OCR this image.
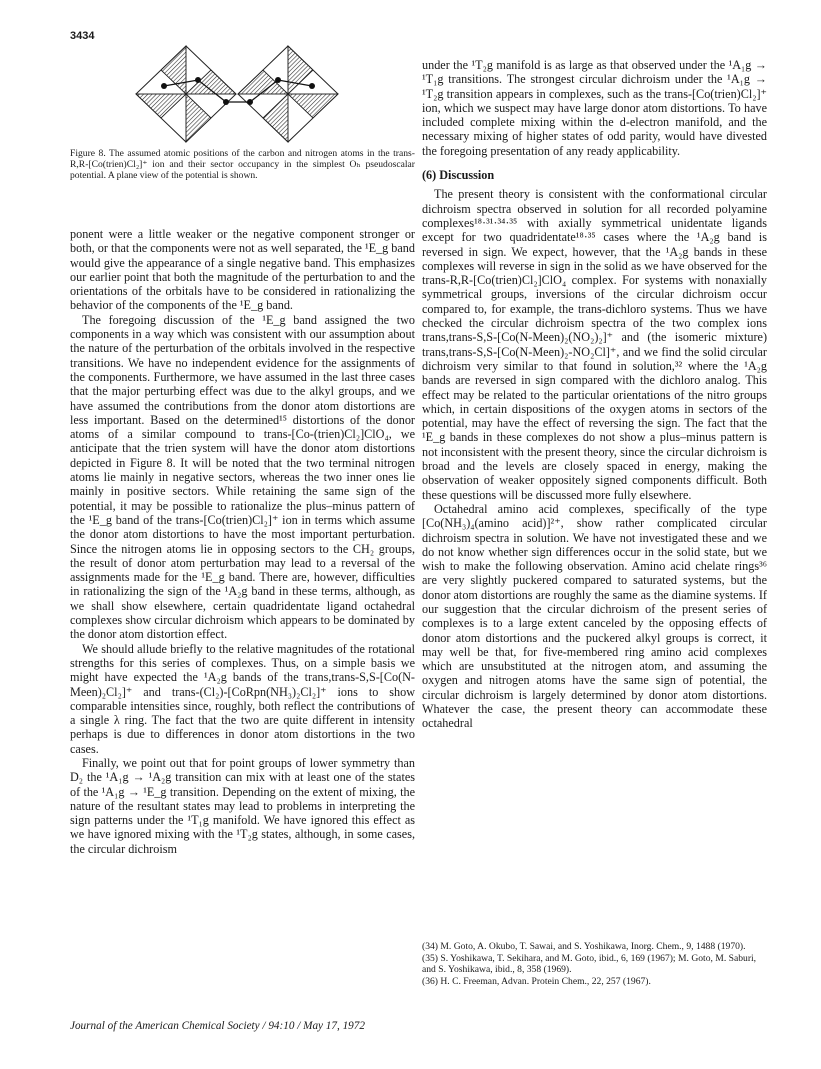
3434
Figure 8. The assumed atomic positions of the carbon and nitrogen atoms in the trans-R,R-[Co(trien)Cl₂]⁺ ion and their sector occupancy in the simplest Oₕ pseudoscalar potential. A plane view of the potential is shown.

ponent were a little weaker or the negative component stronger or both, or that the components were not as well separated, the ¹E_g band would give the appearance of a single negative band. This emphasizes our earlier point that both the magnitude of the perturbation to and the orientations of the orbitals have to be considered in rationalizing the behavior of the components of the ¹E_g band.

The foregoing discussion of the ¹E_g band assigned the two components in a way which was consistent with our assumption about the nature of the perturbation of the orbitals involved in the respective transitions. We have no independent evidence for the assignments of the components. Furthermore, we have assumed in the last three cases that the major perturbing effect was due to the alkyl groups, and we have assumed the contributions from the donor atom distortions are less important. Based on the determined¹⁵ distortions of the donor atoms of a similar compound to trans-[Co-(trien)Cl₂]ClO₄, we anticipate that the trien system will have the donor atom distortions depicted in Figure 8. It will be noted that the two terminal nitrogen atoms lie mainly in negative sectors, whereas the two inner ones lie mainly in positive sectors. While retaining the same sign of the potential, it may be possible to rationalize the plus–minus pattern of the ¹E_g band of the trans-[Co(trien)Cl₂]⁺ ion in terms which assume the donor atom distortions to have the most important perturbation. Since the nitrogen atoms lie in opposing sectors to the CH₂ groups, the result of donor atom perturbation may lead to a reversal of the assignments made for the ¹E_g band. There are, however, difficulties in rationalizing the sign of the ¹A₂g band in these terms, although, as we shall show elsewhere, certain quadridentate ligand octahedral complexes show circular dichroism which appears to be dominated by the donor atom distortion effect.

We should allude briefly to the relative magnitudes of the rotational strengths for this series of complexes. Thus, on a simple basis we might have expected the ¹A₂g bands of the trans,trans-S,S-[Co(N-Meen)₂Cl₂]⁺ and trans-(Cl₂)-[CoRpn(NH₃)₂Cl₂]⁺ ions to show comparable intensities since, roughly, both reflect the contributions of a single λ ring. The fact that the two are quite different in intensity perhaps is due to differences in donor atom distortions in the two cases.

Finally, we point out that for point groups of lower symmetry than D₂ the ¹A₁g → ¹A₂g transition can mix with at least one of the states of the ¹A₁g → ¹E_g transition. Depending on the extent of mixing, the nature of the resultant states may lead to problems in interpreting the sign patterns under the ¹T₁g manifold. We have ignored this effect as we have ignored mixing with the ¹T₂g states, although, in some cases, the circular dichroism

under the ¹T₂g manifold is as large as that observed under the ¹A₁g → ¹T₁g transitions. The strongest circular dichroism under the ¹A₁g → ¹T₂g transition appears in complexes, such as the trans-[Co(trien)Cl₂]⁺ ion, which we suspect may have large donor atom distortions. To have included complete mixing within the d-electron manifold, and the necessary mixing of higher states of odd parity, would have divested the foregoing presentation of any ready applicability.

(6) Discussion

The present theory is consistent with the conformational circular dichroism spectra observed in solution for all recorded polyamine complexes¹⁸·³¹·³⁴·³⁵ with axially symmetrical unidentate ligands except for two quadridentate¹⁸·³⁵ cases where the ¹A₂g band is reversed in sign. We expect, however, that the ¹A₂g bands in these complexes will reverse in sign in the solid as we have observed for the trans-R,R-[Co(trien)Cl₂]ClO₄ complex. For systems with nonaxially symmetrical groups, inversions of the circular dichroism occur compared to, for example, the trans-dichloro systems. Thus we have checked the circular dichroism spectra of the two complex ions trans,trans-S,S-[Co(N-Meen)₂(NO₂)₂]⁺ and (the isomeric mixture) trans,trans-S,S-[Co(N-Meen)₂-NO₂Cl]⁺, and we find the solid circular dichroism very similar to that found in solution,³² where the ¹A₂g bands are reversed in sign compared with the dichloro analog. This effect may be related to the particular orientations of the nitro groups which, in certain dispositions of the oxygen atoms in sectors of the potential, may have the effect of reversing the sign. The fact that the ¹E_g bands in these complexes do not show a plus–minus pattern is not inconsistent with the present theory, since the circular dichroism is broad and the levels are closely spaced in energy, making the observation of weaker oppositely signed components difficult. Both these questions will be discussed more fully elsewhere.

Octahedral amino acid complexes, specifically of the type [Co(NH₃)₄(amino acid)]²⁺, show rather complicated circular dichroism spectra in solution. We have not investigated these and we do not know whether sign differences occur in the solid state, but we wish to make the following observation. Amino acid chelate rings³⁶ are very slightly puckered compared to saturated systems, but the donor atom distortions are roughly the same as the diamine systems. If our suggestion that the circular dichroism of the present series of complexes is to a large extent canceled by the opposing effects of donor atom distortions and the puckered alkyl groups is correct, it may well be that, for five-membered ring amino acid complexes which are unsubstituted at the nitrogen atom, and assuming the oxygen and nitrogen atoms have the same sign of potential, the circular dichroism is largely determined by donor atom distortions. Whatever the case, the present theory can accommodate these octahedral

(34) M. Goto, A. Okubo, T. Sawai, and S. Yoshikawa, Inorg. Chem., 9, 1488 (1970).

(35) S. Yoshikawa, T. Sekihara, and M. Goto, ibid., 6, 169 (1967); M. Goto, M. Saburi, and S. Yoshikawa, ibid., 8, 358 (1969).

(36) H. C. Freeman, Advan. Protein Chem., 22, 257 (1967).

Journal of the American Chemical Society / 94:10 / May 17, 1972
